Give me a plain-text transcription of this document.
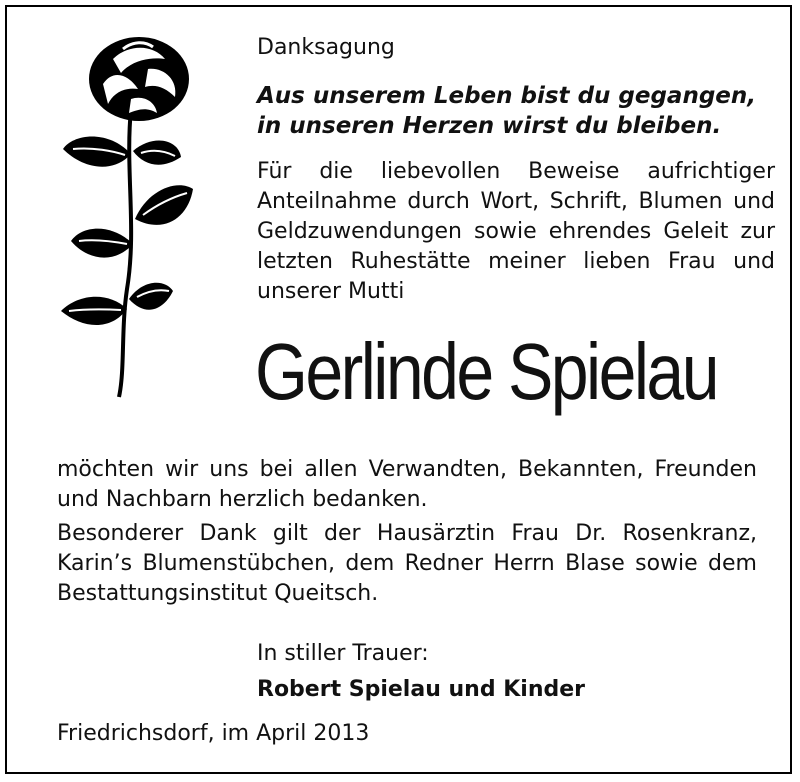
Danksagung
Aus unserem Leben bist du gegangen,
in unseren Herzen wirst du bleiben.
Für die liebevollen Beweise aufrichtiger Anteilnahme durch Wort, Schrift, Blumen und Geldzuwendungen sowie ehrendes Geleit zur letzten Ruhestätte meiner lieben Frau und unserer Mutti
Gerlinde Spielau
möchten wir uns bei allen Verwandten, Bekannten, Freunden und Nachbarn herzlich bedanken.
Besonderer Dank gilt der Hausärztin Frau Dr. Rosenkranz, Karin’s Blumenstübchen, dem Redner Herrn Blase sowie dem Bestattungsinstitut Queitsch.
In stiller Trauer:
Robert Spielau und Kinder
Friedrichsdorf, im April 2013
